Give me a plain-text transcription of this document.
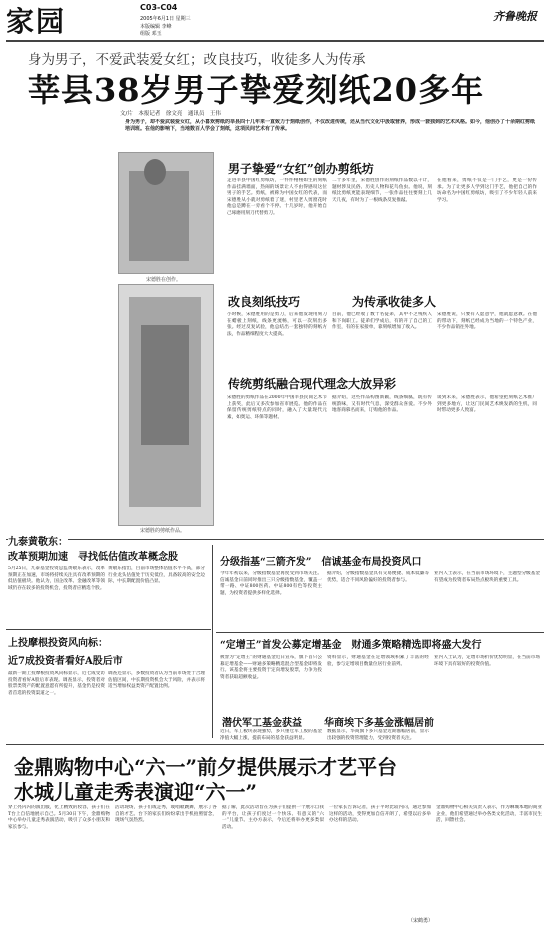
家园	C03-C04
2005年6月1日 星期三
本版编辑 李峰
组版 邓玉
齐鲁晚报
身为男子，不爱武装爱女红；改良技巧，收徒多人为传承
莘县38岁男子挚爱刻纸20多年
文/片　本报记者　徐文亮　通讯员　王伟
身为男子，却不爱武装爱女红，从小喜欢剪纸的莘县四十几年来一直致力于刻纸创作，不仅改进传统，还从当代文化中汲取营养，形成一套独到的艺术风格。如今，他创办了十余期红剪纸培训班。在他的影响下，当地数百人学会了刻纸，这项民间艺术有了传承。
宋德胜在创作。
宋德胜的剪纸作品。
男子挚爱“女红”创办剪纸坊
走进莘县中国红剪纸坊，一件件栩栩如生的刻纸作品挂满墙面，热闹的场景让人不由得感叹这位男子的手艺。剪纸，被称为中国女红的代表，而宋德胜从小就对剪纸着了迷，村里老人剪窗花时他总是蹲在一旁看个不停。十几岁时，他开始自己琢磨用刻刀代替剪刀。
二十多年里，宋德胜创作的刻纸作品数以千计，题材涉及民俗、历史人物和花鸟鱼虫。他说，刻纸比剪纸更能表现细节，一张作品往往要刻上几天几夜，有时为了一根线条反复推敲。
在他看来，剪纸不仅是一门手艺，更是一份传承。为了让更多人学到这门手艺，他把自己的作坊命名为中国红剪纸坊，吸引了不少年轻人前来学习。
改良刻纸技巧	为传承收徒多人
小时候，宋德胜用的是剪刀，后来他发现用刻刀在蜡板上刻纸，线条更流畅，可以一次刻出多张。经过反复试验，他总结出一套独特的刻纸方法，作品精细程度大大提高。
目前，他已经收了数十名徒弟，其中不乏残疾人和下岗职工。徒弟们学成后，有的开了自己的工作室，有的在家接单，靠刻纸增加了收入。
宋德胜说，只要有人愿意学，他就愿意教。在他的带动下，刻纸已经成为当地的一个特色产业，不少作品销往外地。
传统剪纸融合现代理念大放异彩
宋德胜的剪纸作品在2000年中国莘县民间艺术节上获奖，此后又多次参加省市展览。他的作品在保留传统剪纸特点的同时，融入了大量现代元素，如奥运、环保等题材。
据介绍，这些作品构图新颖，线条细腻，既有传统韵味，又有时代气息，深受群众喜爱。不少外地客商慕名而来，订购他的作品。
谈到未来，宋德胜表示，他希望把刻纸艺术推广到更多地方，让这门民间艺术焕发新的生机，同时带动更多人致富。
九泰黄敬东：
改革预期加速　寻找低估值改革概念股
5月25日，九泰基金投资总监黄敬东表示，改革预期正在加速，市场将持续关注具有改革预期的低估值板块。他认为，国企改革、金融改革等领域仍存在较多的投资机会，投资者应精选个股。
黄敬东指出，目前市场整体估值水平不高，部分行业龙头估值处于历史低位，具备较高的安全边际，中长期配置价值凸显。
上投摩根投资风向标：
近7成投资者看好A股后市
最新一期上投摩根投资风向标显示，近七成受访投资者看好A股后市表现。调查显示，投资者对股票类资产的配置意愿有所提升，基金仍是投资者首选的投资渠道之一。
调查还显示，多数投资者认为当前市场处于合理估值区间，中长期投资机会大于风险，并表示将适当增加权益类资产配置比例。
分级指基“三箭齐发”　信诚基金布局投资风口
今年年初以来，分级指数基金再度受到市场关注。信诚基金日前同时推出三只分级指数基金，覆盖一带一路、中证800医药、中证800有色等投资主题，为投资者提供多样化选择。
据介绍，分级指数基金具有交易便捷、成本低廉等优势，适合不同风险偏好的投资者参与。
业内人士表示，在当前市场环境下，主题型分级基金有望成为投资者布局热点板块的重要工具。
“定增王”首发公募定增基金　财通多策略精选即将盛大发行
被誉为“定增王”的财通基金近日宣布，旗下首只公募定增基金——财通多策略精选混合型基金即将发行。该基金将主要投资于定向增发股票，力争为投资者获取超额收益。
资料显示，财通基金在定增领域积累了丰富的经验，参与定增项目数量位居行业前列。
业内人士认为，定增市场折价优势明显，在当前市场环境下具有较好的投资价值。
潜伏军工基金获益 华商埃下多基金涨幅居前
近日，军工板块表现强势，多只重仓军工股的基金净值大幅上涨，提前布局的基金获益明显。
数据显示，华商旗下多只基金近期涨幅居前，显示出较强的投资管理能力，受到投资者关注。
金鼎购物中心“六一”前夕提供展示才艺平台
水城儿童走秀表演迎“六一”
穿上亮闪闪的演出服，化上精致的妆容，孩子们在T台上自信地展示自己。5月30日下午，金鼎购物中心举办儿童走秀表演活动，吸引了众多小朋友和家长参与。
活动现场，孩子们或走秀，或唱歌跳舞，展示了各自的才艺。台下的家长们纷纷拿出手机拍照留念，现场气氛热烈。
据了解，此次活动旨在为孩子们提供一个展示自我的平台，让孩子们度过一个快乐、有意义的“六一”儿童节。主办方表示，今后还将举办更多类似活动。
一位家长告诉记者，孩子平时比较内向，通过参加这样的活动，变得更加自信开朗了，希望以后多举办这样的活动。
金鼎购物中心相关负责人表示，作为聊城本地的商业企业，他们希望通过举办各类文化活动，丰富市民生活，回馈社会。
（宋鹤勇）
